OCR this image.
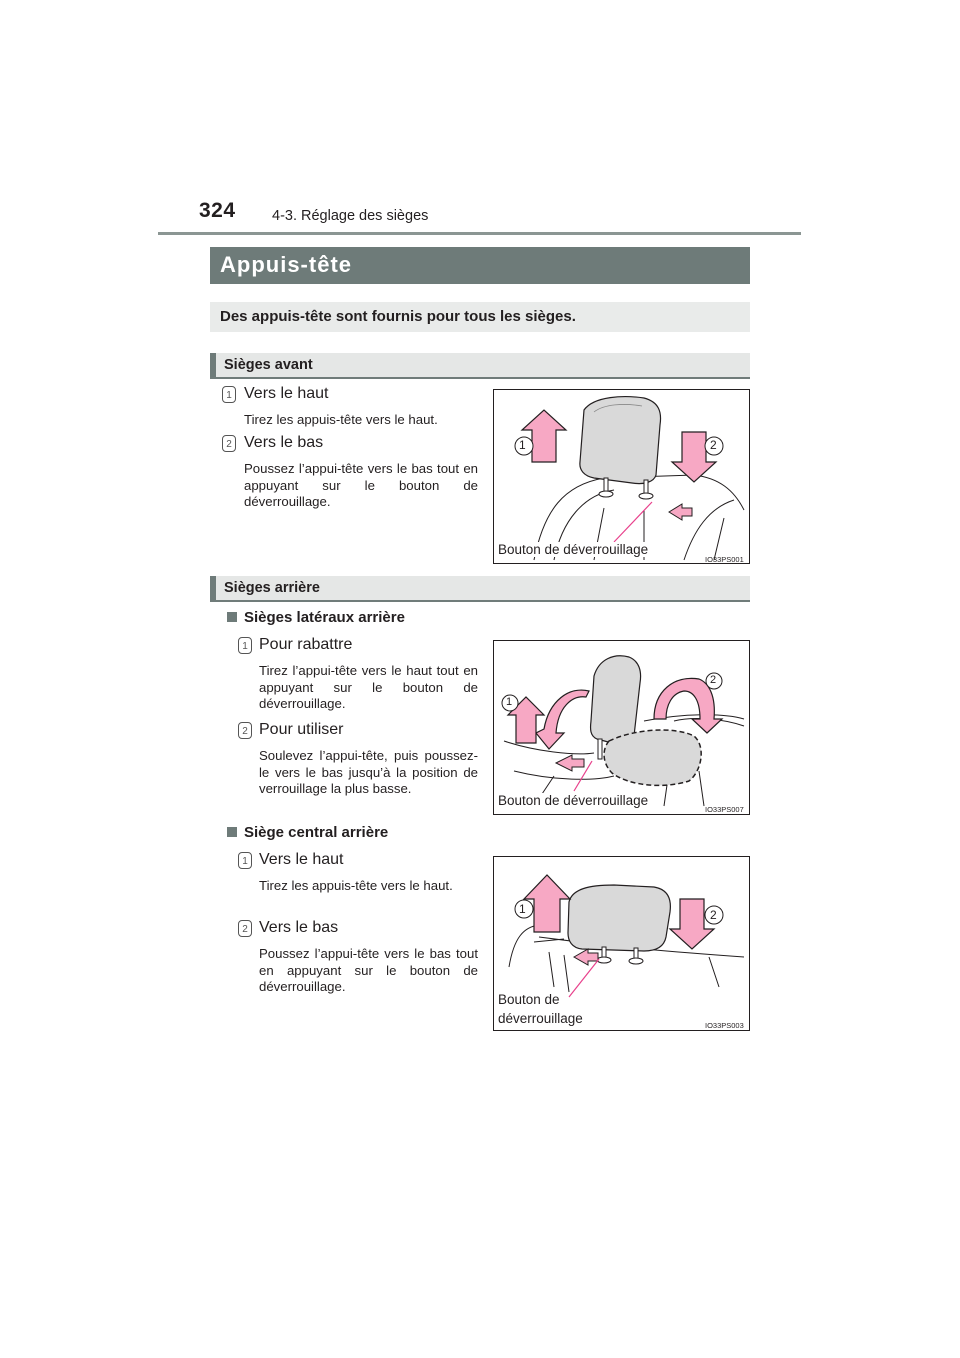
324	4-3. Réglage des sièges
Appuis-tête
Des appuis-tête sont fournis pour tous les sièges.
Sièges avant
1 Vers le haut
Tirez les appuis-tête vers le haut.
2 Vers le bas
Poussez l’appui-tête vers le bas tout en appuyant sur le bouton de déverrouillage.
1	2
Bouton de déverrouillage
IO33PS001
Sièges arrière
Sièges latéraux arrière
1 Pour rabattre
Tirez l’appui-tête vers le haut tout en appuyant sur le bouton de déverrouillage.
2 Pour utiliser
Soulevez l’appui-tête, puis poussez-le vers le bas jusqu’à la position de verrouillage la plus basse.
1
2
Bouton de déverrouillage
IO33PS007
Siège central arrière
1 Vers le haut
Tirez les appuis-tête vers le haut.
2 Vers le bas
Poussez l’appui-tête vers le bas tout en appuyant sur le bouton de déverrouillage.
1	2
Bouton de
déverrouillage	IO33PS003
